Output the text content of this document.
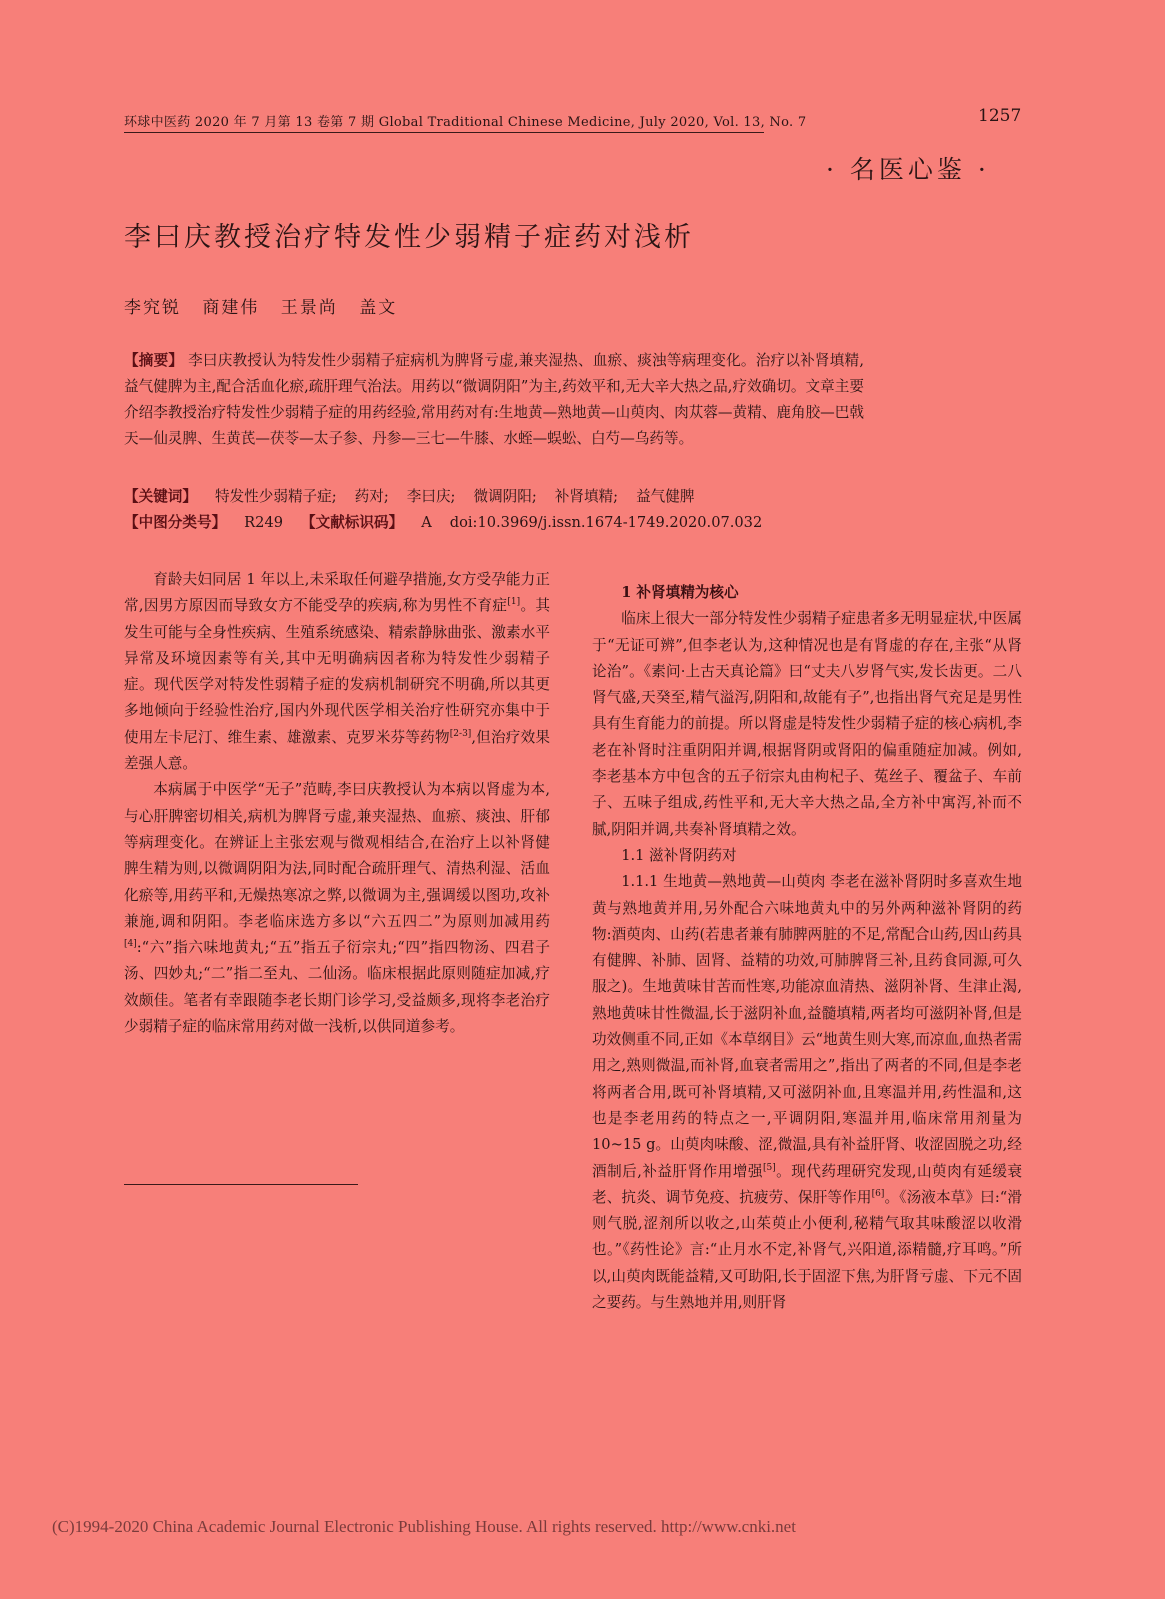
环球中医药 2020 年 7 月第 13 卷第 7 期 Global Traditional Chinese Medicine, July 2020, Vol. 13, No. 7	1257
· 名医心鉴 ·
李曰庆教授治疗特发性少弱精子症药对浅析
李究锐 商建伟 王景尚 盖文
【摘要】 李曰庆教授认为特发性少弱精子症病机为脾肾亏虚,兼夹湿热、血瘀、痰浊等病理变化。治疗以补肾填精,益气健脾为主,配合活血化瘀,疏肝理气治法。用药以“微调阴阳”为主,药效平和,无大辛大热之品,疗效确切。文章主要介绍李教授治疗特发性少弱精子症的用药经验,常用药对有:生地黄—熟地黄—山萸肉、肉苁蓉—黄精、鹿角胶—巴戟天—仙灵脾、生黄芪—茯苓—太子参、丹参—三七—牛膝、水蛭—蜈蚣、白芍—乌药等。
【关键词】 特发性少弱精子症; 药对; 李曰庆; 微调阴阳; 补肾填精; 益气健脾
【中图分类号】 R249 【文献标识码】 A doi:10.3969/j.issn.1674-1749.2020.07.032

育龄夫妇同居 1 年以上,未采取任何避孕措施,女方受孕能力正常,因男方原因而导致女方不能受孕的疾病,称为男性不育症[1]。其发生可能与全身性疾病、生殖系统感染、精索静脉曲张、激素水平异常及环境因素等有关,其中无明确病因者称为特发性少弱精子症。现代医学对特发性弱精子症的发病机制研究不明确,所以其更多地倾向于经验性治疗,国内外现代医学相关治疗性研究亦集中于使用左卡尼汀、维生素、雄激素、克罗米芬等药物[2-3],但治疗效果差强人意。

本病属于中医学“无子”范畴,李曰庆教授认为本病以肾虚为本,与心肝脾密切相关,病机为脾肾亏虚,兼夹湿热、血瘀、痰浊、肝郁等病理变化。在辨证上主张宏观与微观相结合,在治疗上以补肾健脾生精为则,以微调阴阳为法,同时配合疏肝理气、清热利湿、活血化瘀等,用药平和,无燥热寒凉之弊,以微调为主,强调缓以图功,攻补兼施,调和阴阳。李老临床选方多以“六五四二”为原则加减用药[4]:“六”指六味地黄丸;“五”指五子衍宗丸;“四”指四物汤、四君子汤、四妙丸;“二”指二至丸、二仙汤。临床根据此原则随症加减,疗效颇佳。笔者有幸跟随李老长期门诊学习,受益颇多,现将李老治疗少弱精子症的临床常用药对做一浅析,以供同道参考。

1 补肾填精为核心

临床上很大一部分特发性少弱精子症患者多无明显症状,中医属于“无证可辨”,但李老认为,这种情况也是有肾虚的存在,主张“从肾论治”。《素问·上古天真论篇》曰“丈夫八岁肾气实,发长齿更。二八肾气盛,天癸至,精气溢泻,阴阳和,故能有子”,也指出肾气充足是男性具有生育能力的前提。所以肾虚是特发性少弱精子症的核心病机,李老在补肾时注重阴阳并调,根据肾阴或肾阳的偏重随症加减。例如,李老基本方中包含的五子衍宗丸由枸杞子、菟丝子、覆盆子、车前子、五味子组成,药性平和,无大辛大热之品,全方补中寓泻,补而不腻,阴阳并调,共奏补肾填精之效。

1.1 滋补肾阴药对

1.1.1 生地黄—熟地黄—山萸肉 李老在滋补肾阴时多喜欢生地黄与熟地黄并用,另外配合六味地黄丸中的另外两种滋补肾阴的药物:酒萸肉、山药(若患者兼有肺脾两脏的不足,常配合山药,因山药具有健脾、补肺、固肾、益精的功效,可肺脾肾三补,且药食同源,可久服之)。生地黄味甘苦而性寒,功能凉血清热、滋阴补肾、生津止渴,熟地黄味甘性微温,长于滋阴补血,益髓填精,两者均可滋阴补肾,但是功效侧重不同,正如《本草纲目》云“地黄生则大寒,而凉血,血热者需用之,熟则微温,而补肾,血衰者需用之”,指出了两者的不同,但是李老将两者合用,既可补肾填精,又可滋阴补血,且寒温并用,药性温和,这也是李老用药的特点之一,平调阴阳,寒温并用,临床常用剂量为 10~15 g。山萸肉味酸、涩,微温,具有补益肝肾、收涩固脱之功,经酒制后,补益肝肾作用增强[5]。现代药理研究发现,山萸肉有延缓衰老、抗炎、调节免疫、抗疲劳、保肝等作用[6]。《汤液本草》曰:“滑则气脱,涩剂所以收之,山茱萸止小便利,秘精气取其味酸涩以收滑也。”《药性论》言:“止月水不定,补肾气,兴阳道,添精髓,疗耳鸣。”所以,山萸肉既能益精,又可助阳,长于固涩下焦,为肝肾亏虚、下元不固之要药。与生熟地并用,则肝肾

(C)1994-2020 China Academic Journal Electronic Publishing House. All rights reserved. http://www.cnki.net
